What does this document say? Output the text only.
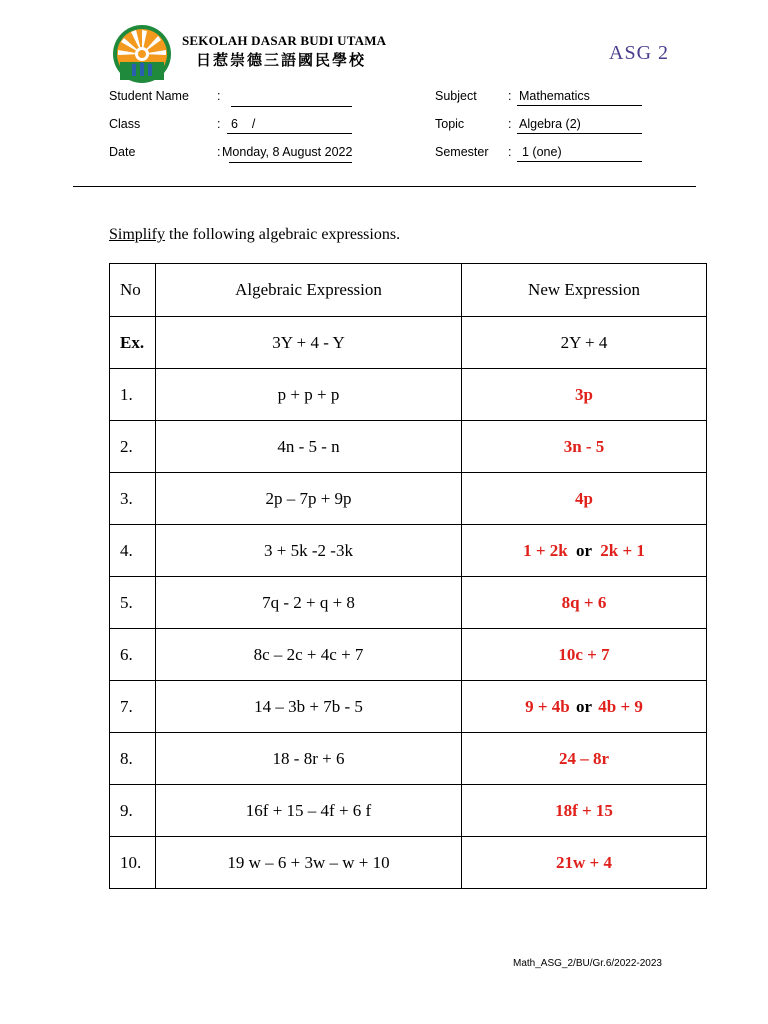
SEKOLAH DASAR BUDI UTAMA
日惹崇德三語國民學校	ASG 2
Student Name :
Class	: 6    /
Date	: Monday, 8 August 2022
Subject	: Mathematics
Topic	: Algebra (2)
Semester : 1 (one)
Simplify the following algebraic expressions.
No	Algebraic Expression	New Expression
Ex.	3Y + 4 - Y	2Y + 4
1.	p + p + p	3p
2.	4n - 5 - n	3n - 5
3.	2p – 7p + 9p	4p
4.	3 + 5k -2 -3k	1 + 2k or 2k + 1
5.	7q - 2 + q + 8	8q + 6
6.	8c – 2c + 4c + 7	10c + 7
7.	14 – 3b + 7b - 5	9 + 4b or 4b + 9
8.	18 - 8r + 6	24 – 8r
9.	16f + 15 – 4f + 6 f	18f + 15
10.	19 w – 6 + 3w – w + 10	21w + 4
Math_ASG_2/BU/Gr.6/2022-2023
